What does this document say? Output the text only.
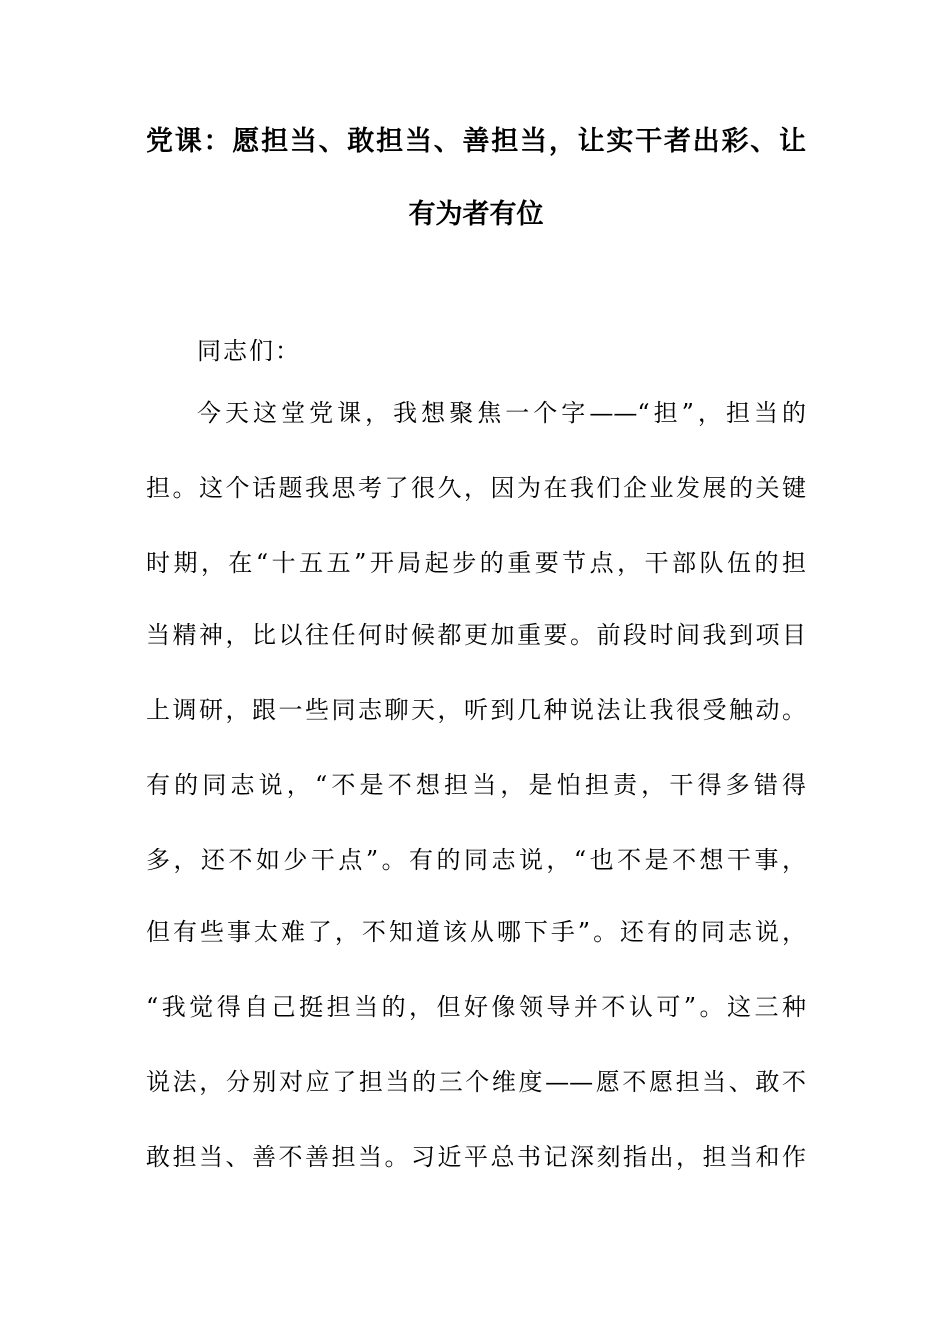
党课：愿担当、敢担当、善担当，让实干者出彩、让
有为者有位
同志们：
今天这堂党课，我想聚焦一个字——“担”，担当的
担。这个话题我思考了很久，因为在我们企业发展的关键
时期，在“十五五”开局起步的重要节点，干部队伍的担
当精神，比以往任何时候都更加重要。前段时间我到项目
上调研，跟一些同志聊天，听到几种说法让我很受触动。
有的同志说，“不是不想担当，是怕担责，干得多错得
多，还不如少干点”。有的同志说，“也不是不想干事，
但有些事太难了，不知道该从哪下手”。还有的同志说，
“我觉得自己挺担当的，但好像领导并不认可”。这三种
说法，分别对应了担当的三个维度——愿不愿担当、敢不
敢担当、善不善担当。习近平总书记深刻指出，担当和作
